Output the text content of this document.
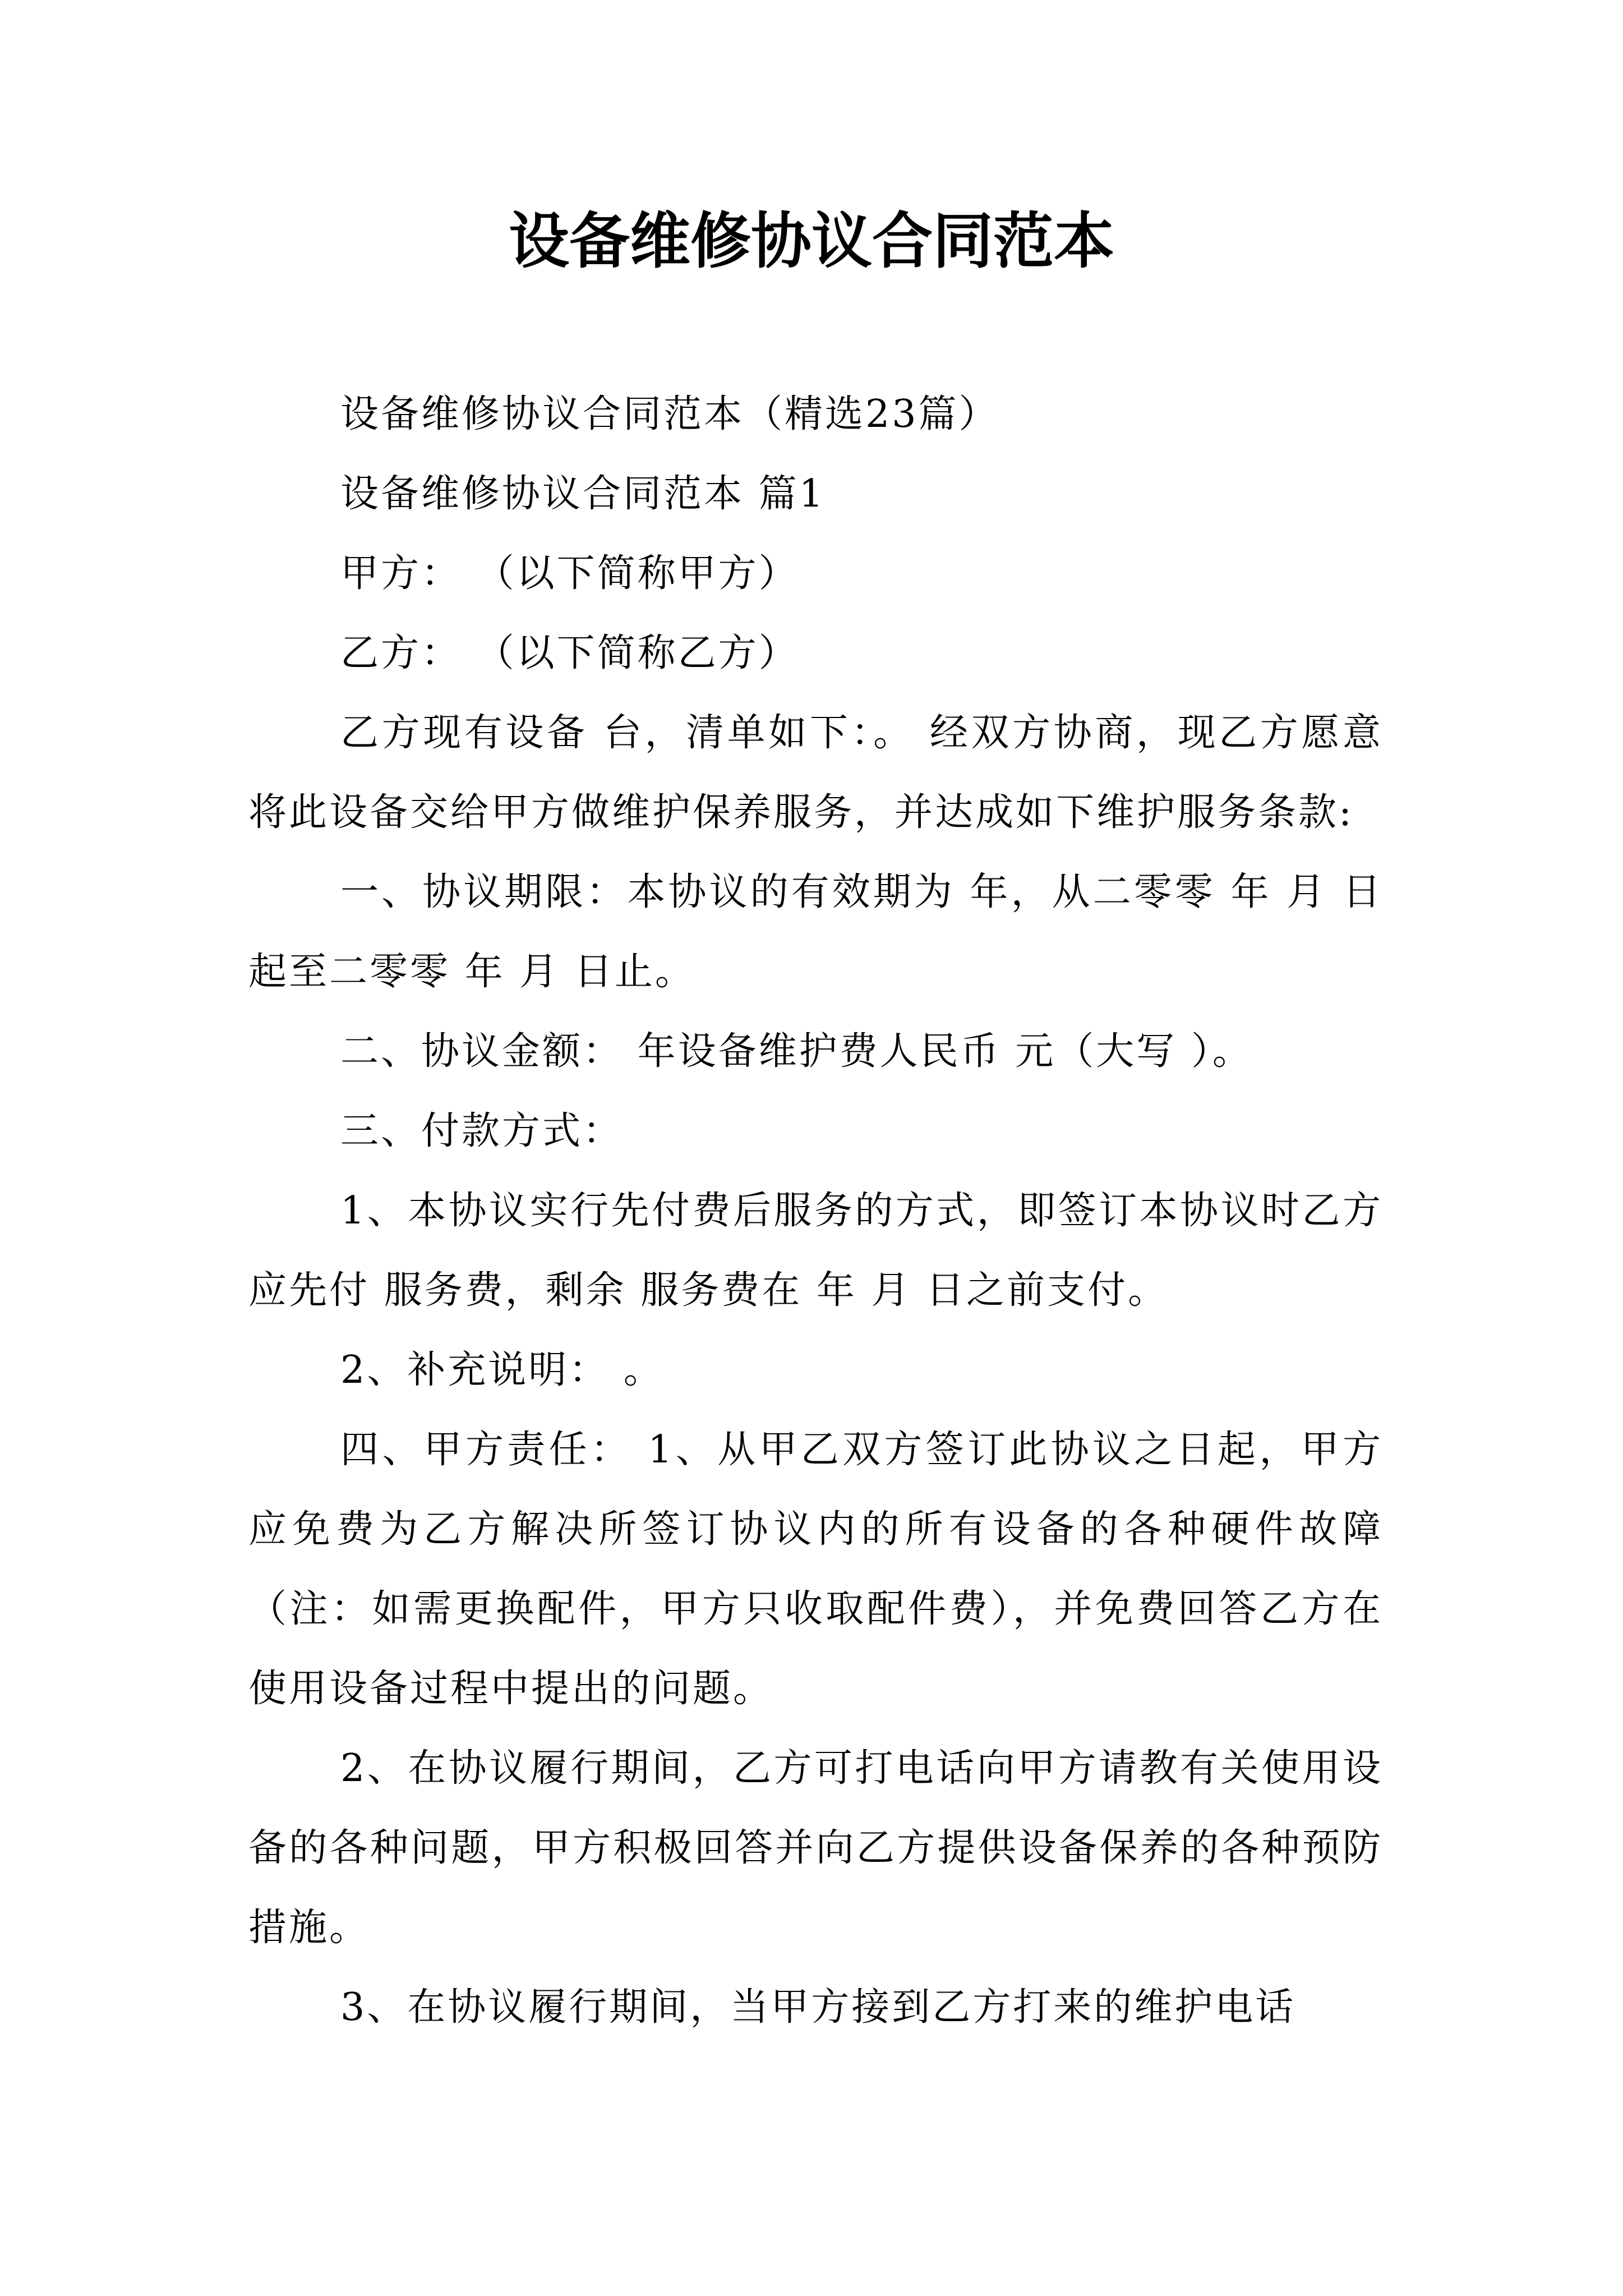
设备维修协议合同范本

设备维修协议合同范本（精选23篇）

设备维修协议合同范本 篇1

甲方： （以下简称甲方）

乙方： （以下简称乙方）

乙方现有设备 台，清单如下：。 经双方协商，现乙方愿意将此设备交给甲方做维护保养服务，并达成如下维护服务条款:

一、协议期限：本协议的有效期为 年，从二零零 年 月 日起至二零零 年 月 日止。

二、协议金额： 年设备维护费人民币 元（大写 ）。

三、付款方式：

1、本协议实行先付费后服务的方式，即签订本协议时乙方应先付 服务费，剩余 服务费在 年 月 日之前支付。

2、补充说明： 。

四、甲方责任： 1、从甲乙双方签订此协议之日起，甲方应免费为乙方解决所签订协议内的所有设备的各种硬件故障（注：如需更换配件，甲方只收取配件费），并免费回答乙方在使用设备过程中提出的问题。

2、在协议履行期间，乙方可打电话向甲方请教有关使用设备的各种问题，甲方积极回答并向乙方提供设备保养的各种预防措施。

3、在协议履行期间，当甲方接到乙方打来的维护电话
